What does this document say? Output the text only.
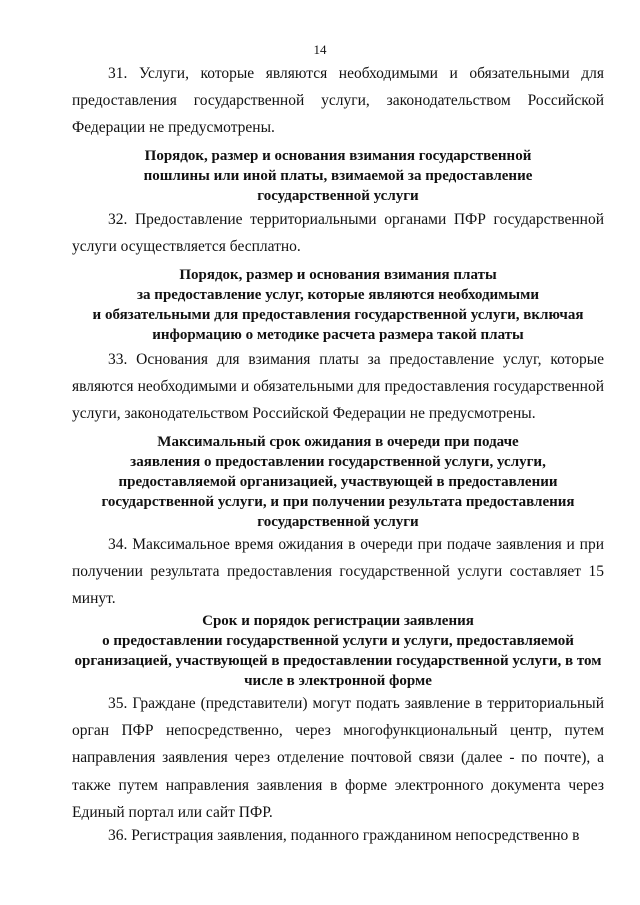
14

31. Услуги, которые являются необходимыми и обязательными для предоставления государственной услуги, законодательством Российской Федерации не предусмотрены.

Порядок, размер и основания взимания государственной
пошлины или иной платы, взимаемой за предоставление
государственной услуги

32. Предоставление территориальными органами ПФР государственной услуги осуществляется бесплатно.

Порядок, размер и основания взимания платы
за предоставление услуг, которые являются необходимыми
и обязательными для предоставления государственной услуги, включая
информацию о методике расчета размера такой платы

33. Основания для взимания платы за предоставление услуг, которые являются необходимыми и обязательными для предоставления государственной услуги, законодательством Российской Федерации не предусмотрены.

Максимальный срок ожидания в очереди при подаче
заявления о предоставлении государственной услуги, услуги,
предоставляемой организацией, участвующей в предоставлении
государственной услуги, и при получении результата предоставления
государственной услуги

34. Максимальное время ожидания в очереди при подаче заявления и при получении результата предоставления государственной услуги составляет 15 минут.

Срок и порядок регистрации заявления
о предоставлении государственной услуги и услуги, предоставляемой
организацией, участвующей в предоставлении государственной услуги, в том
числе в электронной форме

35. Граждане (представители) могут подать заявление в территориальный орган ПФР непосредственно, через многофункциональный центр, путем направления заявления через отделение почтовой связи (далее - по почте), а также путем направления заявления в форме электронного документа через Единый портал или сайт ПФР.

36. Регистрация заявления, поданного гражданином непосредственно в
